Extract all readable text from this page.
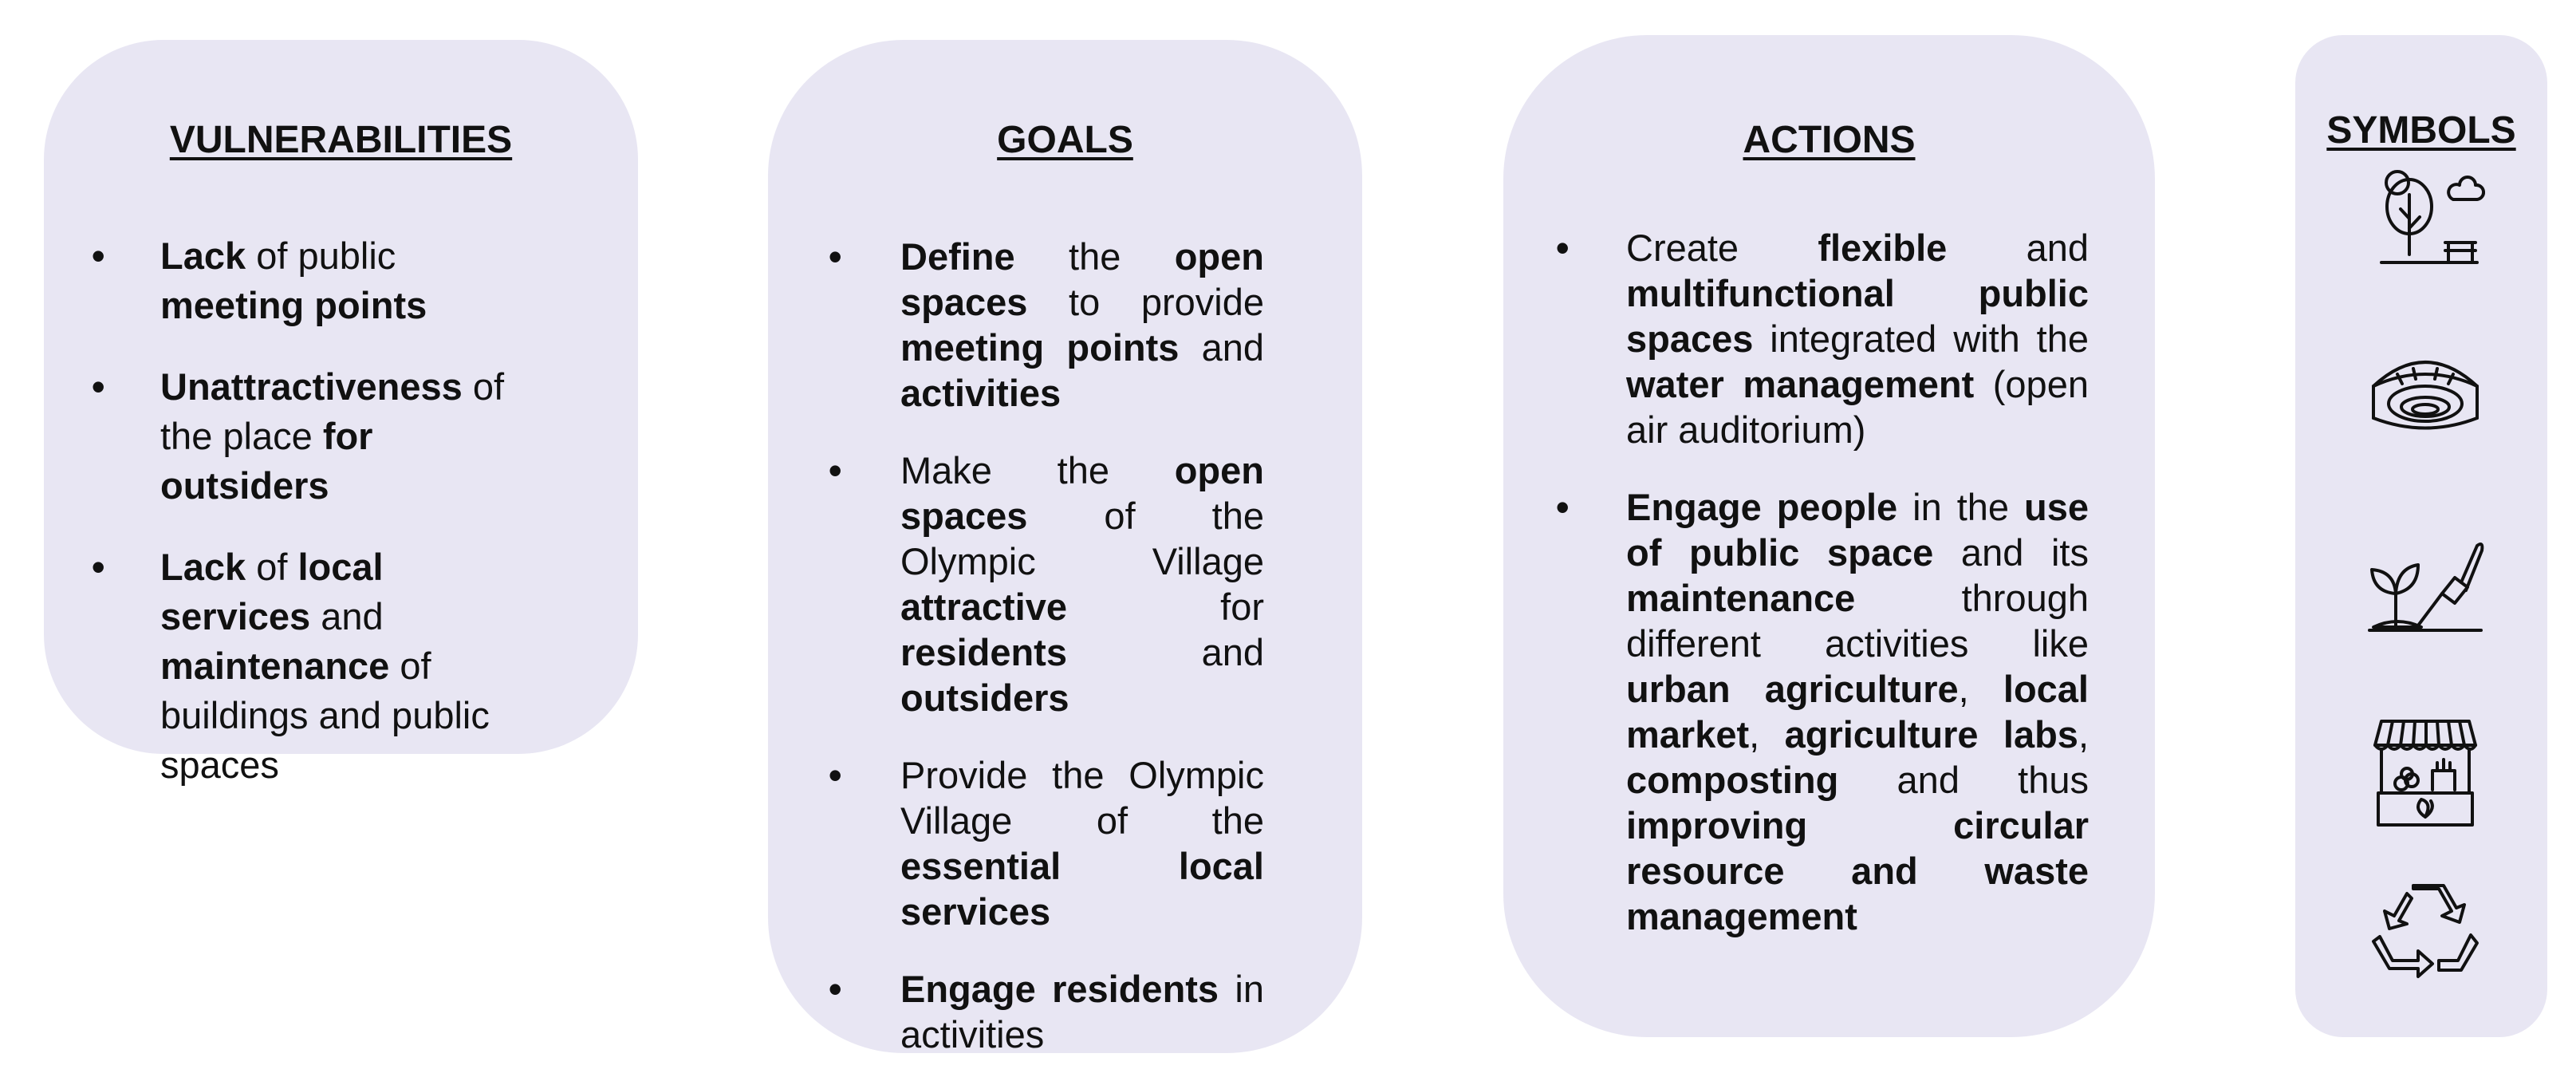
VULNERABILITIES
• Lack of public meeting points
• Unattractiveness of the place for outsiders
• Lack of local services and maintenance of buildings and public spaces
GOALS
• Define the open spaces to provide meeting points and activities
• Make the open spaces of the Olympic Village attractive for residents and outsiders
• Provide the Olympic Village of the essential local services
• Engage residents in activities
ACTIONS
• Create flexible and multifunctional public spaces integrated with the water management (open air auditorium)
• Engage people in the use of public space and its maintenance through different activities like urban agriculture, local market, agriculture labs, composting and thus improving circular resource and waste management
SYMBOLS
